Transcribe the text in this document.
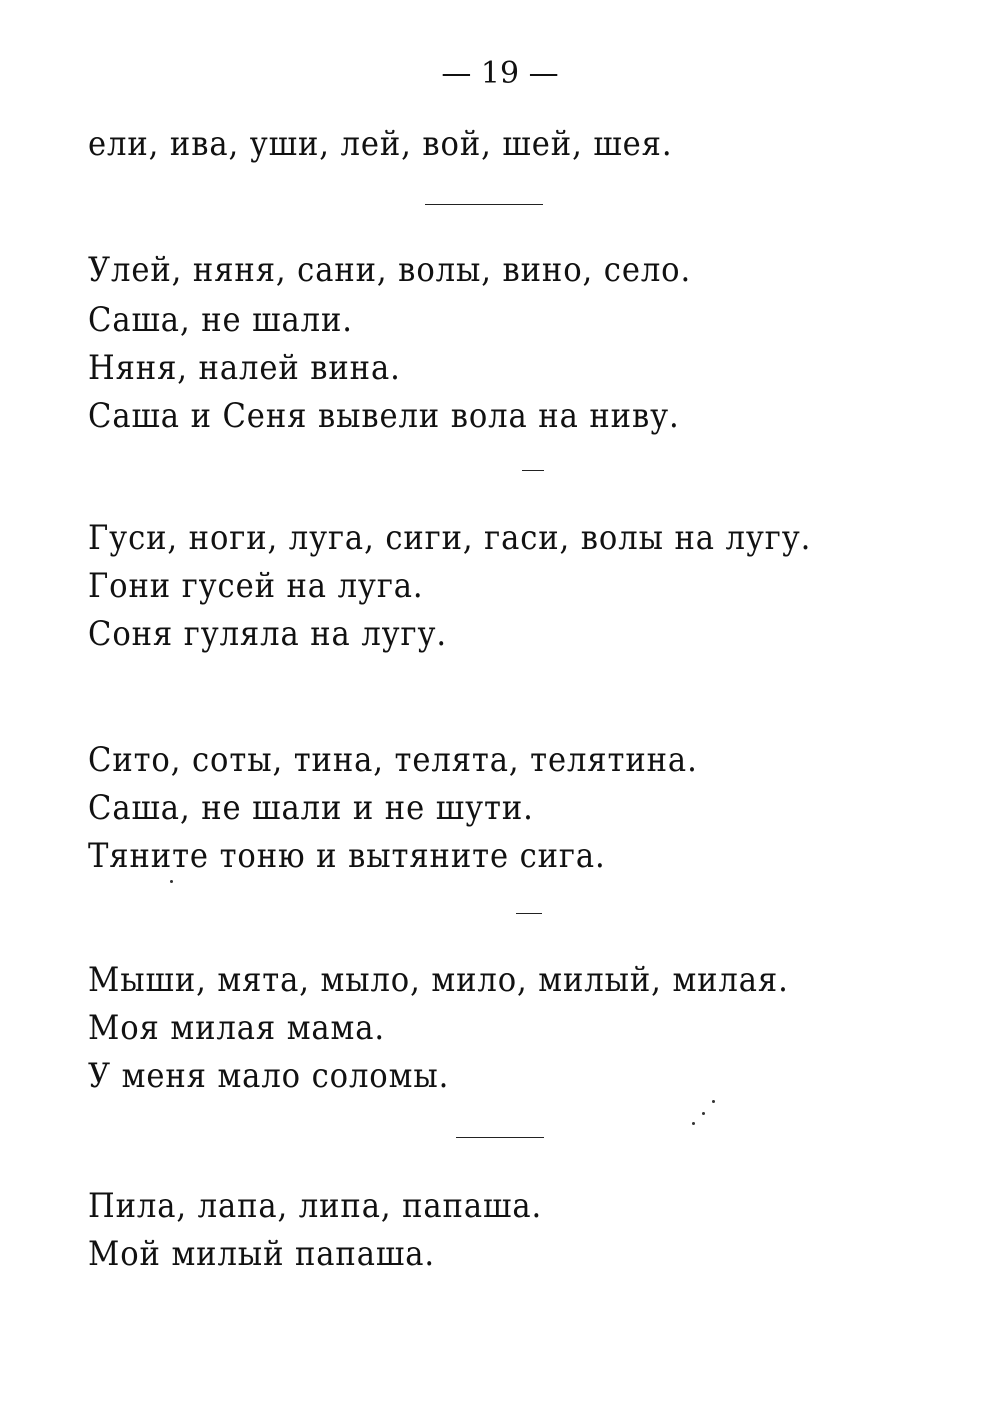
— 19 —
ели, ива, уши, лей, вой, шей, шея.
Улей, няня, сани, волы, вино, село.
Саша, не шали.
Няня, налей вина.
Саша и Сеня вывели вола на ниву.
Гуси, ноги, луга, сиги, гаси, волы на лугу.
Гони гусей на луга.
Соня гуляла на лугу.
Сито, соты, тина, телята, телятина.
Саша, не шали и не шути.
Тяните тоню и вытяните сига.
Мыши, мята, мыло, мило, милый, милая.
Моя милая мама.
У меня мало соломы.
Пила, лапа, липа, папаша.
Мой милый папаша.
